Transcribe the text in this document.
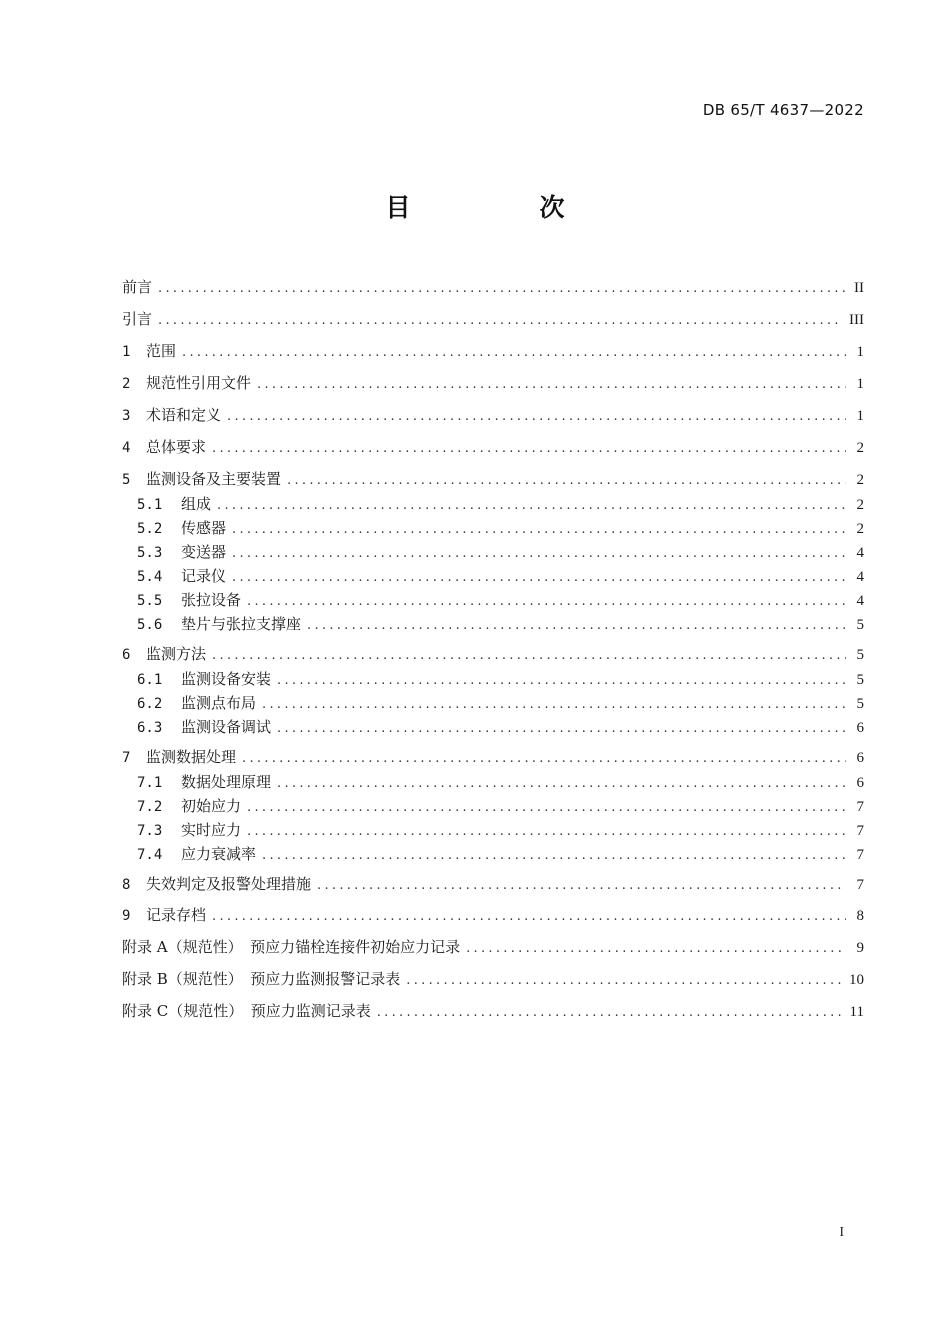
DB 65/T 4637—2022
目　次
前言 .....	II
引言 .....	III
1	范围 .....	1
2	规范性引用文件 .....	1
3	术语和定义 .....	1
4	总体要求 .....	2
5	监测设备及主要装置 .....	2
5.1	组成 .....	2
5.2	传感器 .....	2
5.3	变送器 .....	4
5.4	记录仪 .....	4
5.5	张拉设备 .....	4
5.6	垫片与张拉支撑座 .....	5
6	监测方法 .....	5
6.1	监测设备安装 .....	5
6.2	监测点布局 .....	5
6.3	监测设备调试 .....	6
7	监测数据处理 .....	6
7.1	数据处理原理 .....	6
7.2	初始应力 .....	7
7.3	实时应力 .....	7
7.4	应力衰减率 .....	7
8	失效判定及报警处理措施 .....	7
9	记录存档 .....	8
附录 A（规范性）　预应力锚栓连接件初始应力记录 .....	9
附录 B（规范性）　预应力监测报警记录表 .....	10
附录 C（规范性）　预应力监测记录表 .....	11
I
